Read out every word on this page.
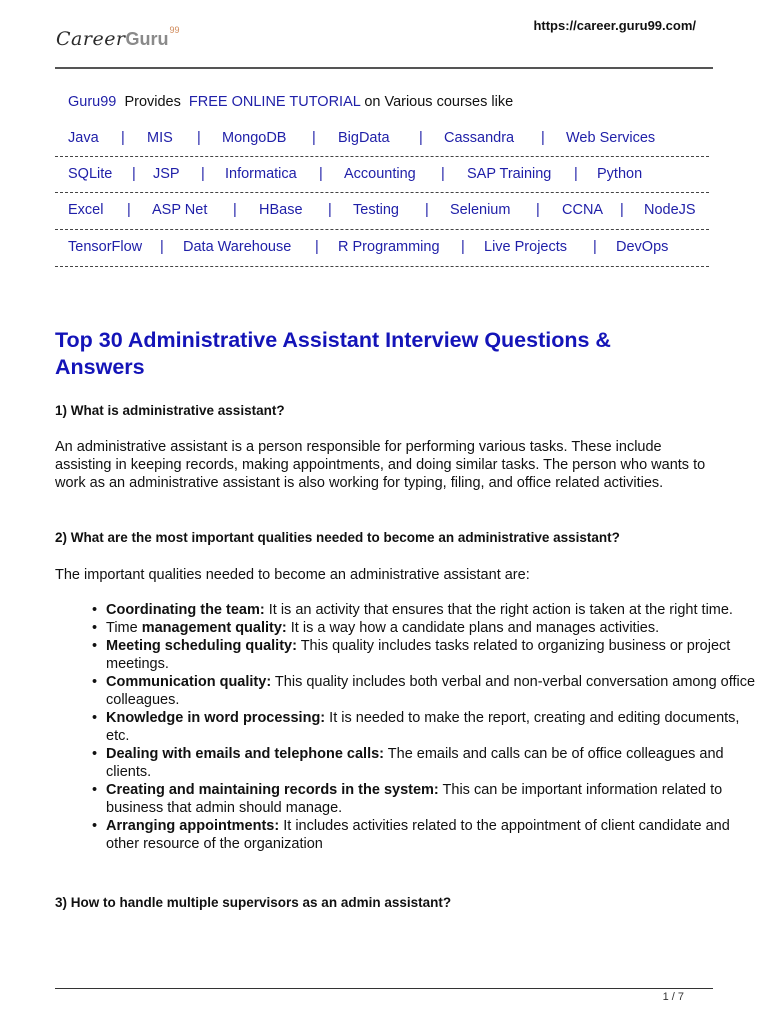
CareerGuru$^{99}$	https://career.guru99.com/
Guru99 Provides FREE ONLINE TUTORIAL on Various courses like
Java | MIS | MongoDB | BigData | Cassandra | Web Services
SQLite | JSP | Informatica | Accounting | SAP Training | Python
Excel | ASP Net | HBase | Testing | Selenium | CCNA | NodeJS
TensorFlow | Data Warehouse | R Programming | Live Projects | DevOps
Top 30 Administrative Assistant Interview Questions & Answers
1) What is administrative assistant?
An administrative assistant is a person responsible for performing various tasks. These include assisting in keeping records, making appointments, and doing similar tasks. The person who wants to work as an administrative assistant is also working for typing, filing, and office related activities.
2) What are the most important qualities needed to become an administrative assistant?
The important qualities needed to become an administrative assistant are:
• Coordinating the team: It is an activity that ensures that the right action is taken at the right time.
• Time management quality: It is a way how a candidate plans and manages activities.
• Meeting scheduling quality: This quality includes tasks related to organizing business or project meetings.
• Communication quality: This quality includes both verbal and non-verbal conversation among office colleagues.
• Knowledge in word processing: It is needed to make the report, creating and editing documents, etc.
• Dealing with emails and telephone calls: The emails and calls can be of office colleagues and clients.
• Creating and maintaining records in the system: This can be important information related to business that admin should manage.
• Arranging appointments: It includes activities related to the appointment of client candidate and other resource of the organization
3) How to handle multiple supervisors as an admin assistant?
1 / 7
